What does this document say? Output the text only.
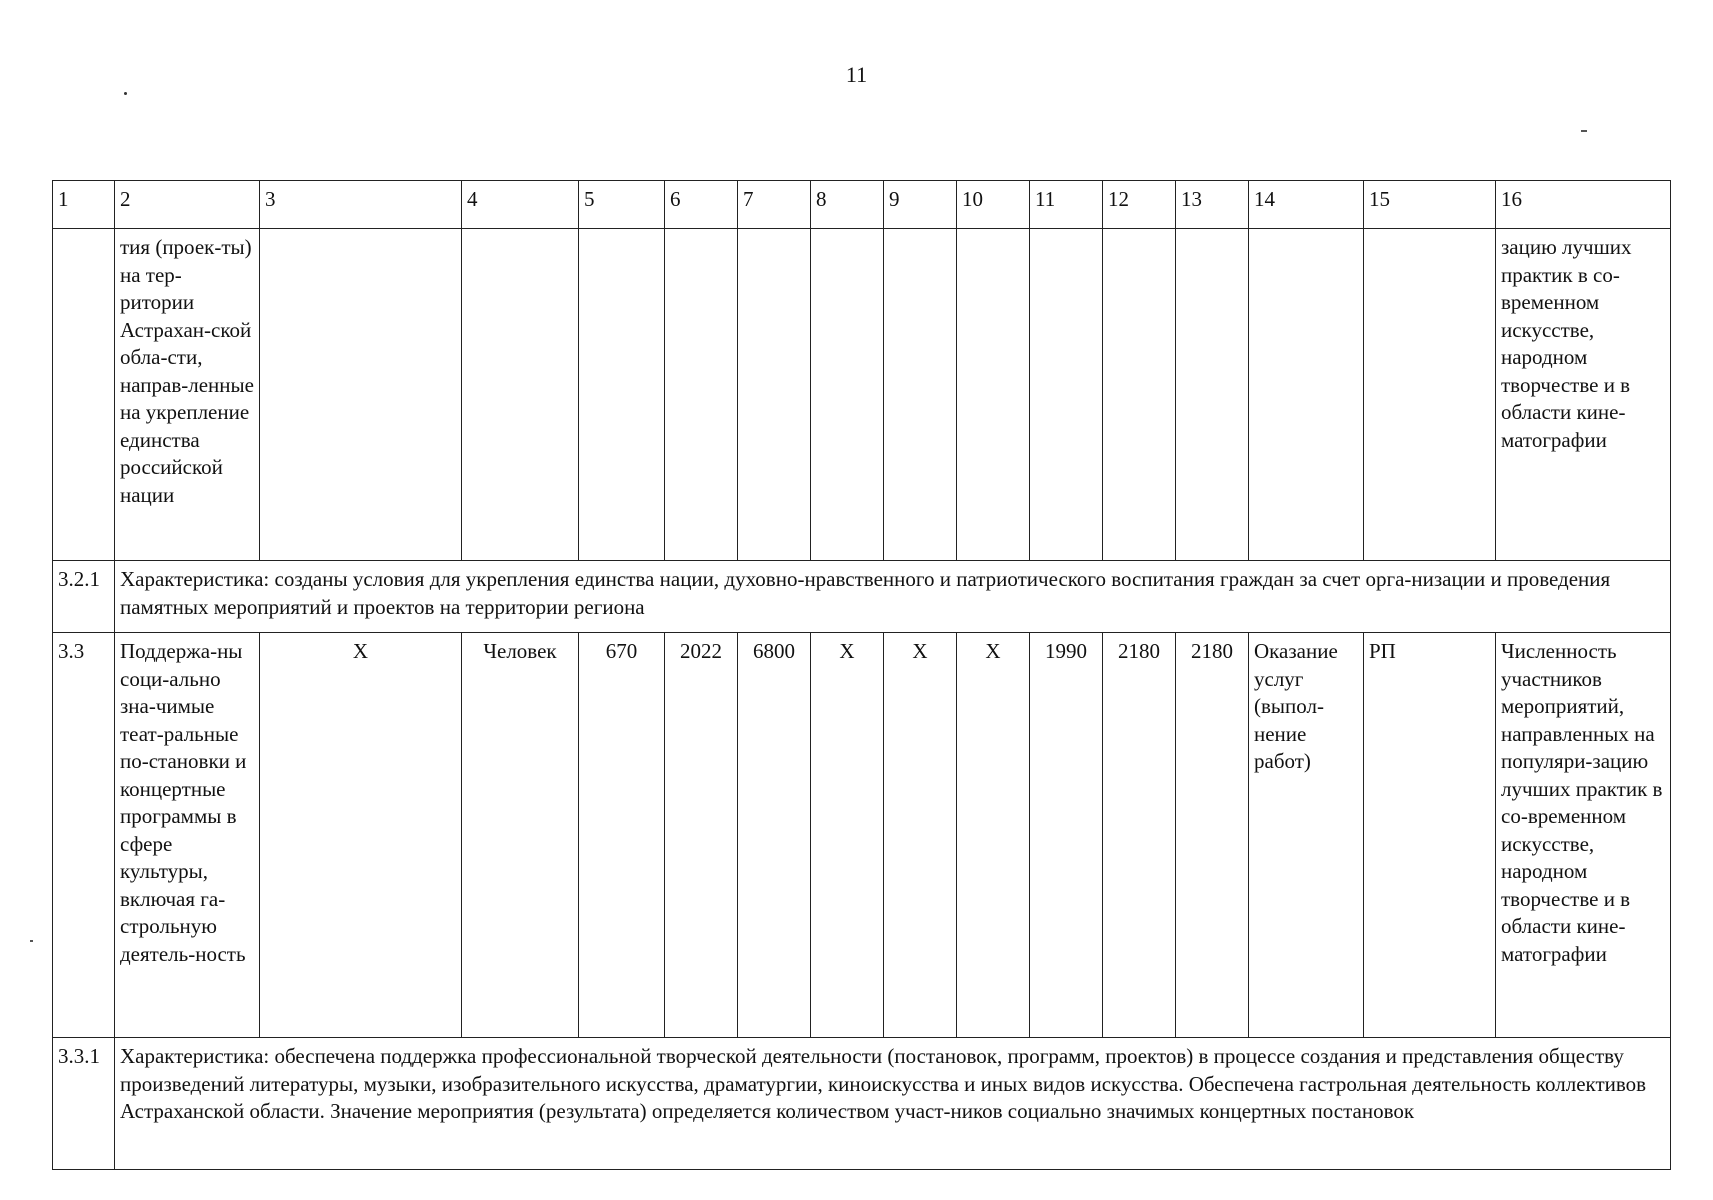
11
1	2	3	4	5	6	7	8	9	10	11	12	13	14	15	16
	тия (проек-ты) на тер-ритории Астрахан-ской обла-сти, направ-ленные на укрепление единства российской нации														зацию лучших практик в со-временном искусстве, народном творчестве и в области кине-матографии
3.2.1	Характеристика: созданы условия для укрепления единства нации, духовно-нравственного и патриотического воспитания граждан за счет орга-низации и проведения памятных мероприятий и проектов на территории региона														
3.3	Поддержа-ны соци-ально зна-чимые теат-ральные по-становки и концертные программы в сфере культуры, включая га-строльную деятель-ность	X	Человек	670	2022	6800	X	X	X	1990	2180	2180	Оказание услуг (выпол-нение работ)	РП	Численность участников мероприятий, направленных на популяри-зацию лучших практик в со-временном искусстве, народном творчестве и в области кине-матографии
3.3.1	Характеристика: обеспечена поддержка профессиональной творческой деятельности (постановок, программ, проектов) в процессе создания и представления обществу произведений литературы, музыки, изобразительного искусства, драматургии, киноискусства и иных видов искусства. Обеспечена гастрольная деятельность коллективов Астраханской области. Значение мероприятия (результата) определяется количеством участ-ников социально значимых концертных постановок														
